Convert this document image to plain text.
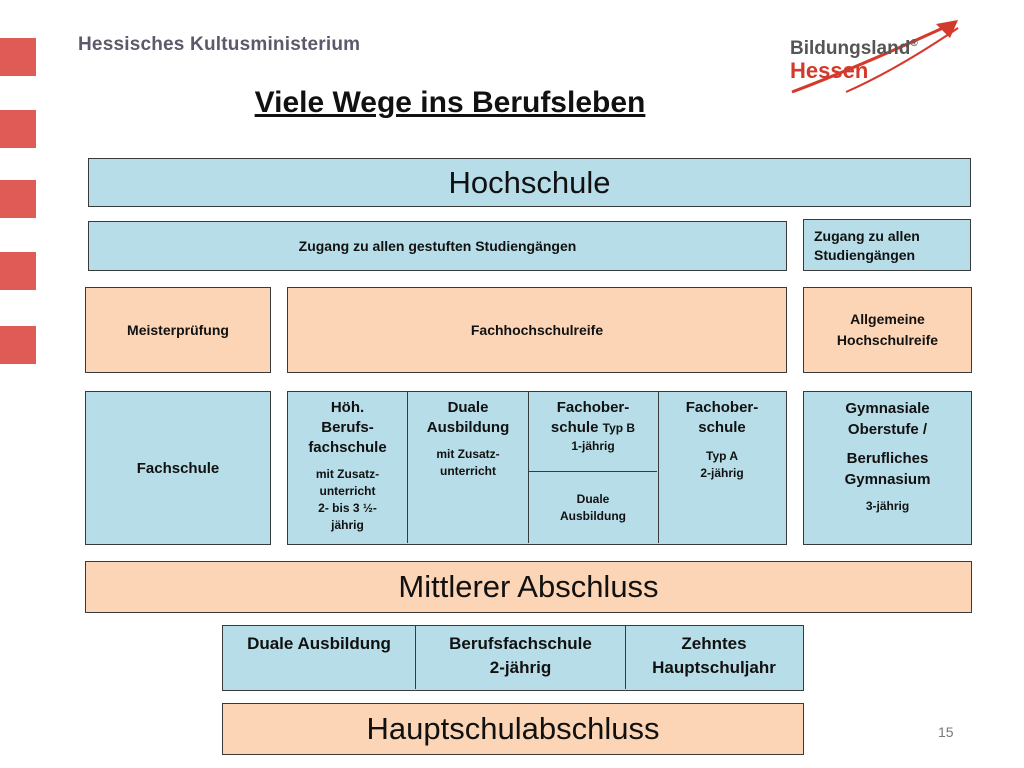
Hessisches Kultusministerium	Bildungsland®
Hessen
Viele Wege ins Berufsleben
Hochschule
Zugang zu allen gestuften Studiengängen
Zugang zu allen
Studiengängen
Meisterprüfung	Fachhochschulreife
Allgemeine
Hochschulreife
Fachschule
Höh.
Berufs-
fachschule
mit Zusatz-
unterricht
2- bis 3 ½-
jährig
Duale
Ausbildung
mit Zusatz-
unterricht
Fachober-
schule Typ B
1-jährig
Duale
Ausbildung
Fachober-
schule
Typ A
2-jährig
Gymnasiale
Oberstufe /
Berufliches
Gymnasium
3-jährig
Mittlerer Abschluss
Duale Ausbildung	Berufsfachschule
2-jährig
Zehntes
Hauptschuljahr
Hauptschulabschluss	15
